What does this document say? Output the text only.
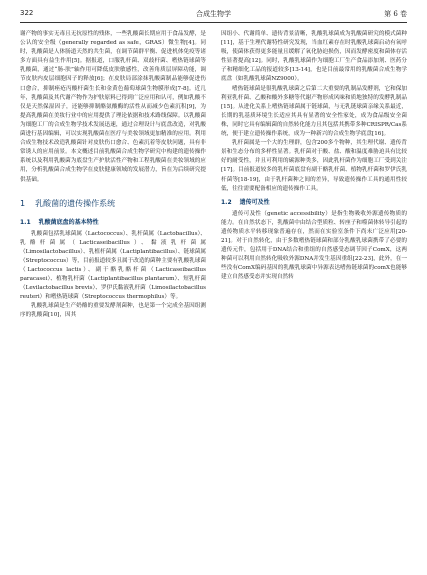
322	合成生物学	第 6 卷

谢产物的事实无毒且无抗原性的残体，一些乳酸菌长期应用于食品发酵，是公认的安全级（generally regarded as safe，GRAS）微生物[4]。同时，乳酸菌是人体肠道天然的共生菌，在调节菌群平衡、促进机体免疫等诸多方面具有益生作用[5]。据报道，口服乳杆菌、双歧杆菌、嗜热链球菌等乳酸菌，通过“肠-肤”轴作用可降低皮肤敏感性，改善角质层屏障功能，调节皮肤内皮层细胞因子的释放[6]；在皮肤局部涂抹乳酸菌制品能够促进伤口愈合，抑制痤疮丙酸杆菌生长和金黄色葡萄球菌生物膜形成[7-8]。近几年，乳酸菌及其代谢产物作为护肤原料已得到广泛应用和认可，例如乳酸不仅是天然保湿因子，还能够抑制酪氨酸酶的活性从而减少色素沉积[9]，为提高乳酸菌在美妆行业中的应用提供了理论依据和技术路线保障。以乳酸菌为细胞工厂的合成生物学技术发展迅速，通过合理设计与底盘改造，对乳酸菌进行基因编辑，可以实现乳酸菌在医疗与美妆领域更加精准的应用。利用合成生物技术改造乳酸菌针对皮肤伤口愈合、色素沉着等皮肤问题，具有非常诱人的应用前景。本文概述目前乳酸菌合成生物学研究中构建的遗传操作系统以及利用乳酸菌为底盘生产护肤活性产物和工程乳酸菌在美妆领域的应用，分析乳酸菌合成生物学在皮肤健康领域的发展潜力，旨在为后续研究提供基础。

1 乳酸菌的遗传操作系统
1.1 乳酸菌底盘的基本特性

乳酸菌包括乳球菌属（Lactococcus）、乳杆菌属（Lactobacillus）、乳酪杆菌属（Lacticaseibacillus）、黏液乳杆菌属（Limosilactobacillus）、乳植杆菌属（Lactiplantibacillus）、链球菌属（Streptococcus）等，目前报道较多且属于改造的菌种主要有乳酸乳球菌（Lactococcus lactis）、副干酪乳酪杆菌（Lacticaseibacillus paracasei）、植物乳杆菌（Lactiplantibacillus plantarum）、短乳杆菌（Levilactobacillus brevis）、罗伊氏黏液乳杆菌（Limosilactobacillus reuteri）和嗜热链球菌（Streptococcus thermophilus）等。

乳酸乳球菌是生产奶酪的重要发酵剂菌种，也是第一个完成全基因组测序的乳酸菌[10]，因其

因组小、代谢简单、遗传背景清晰，乳酸乳球菌成为乳酸菌研究的模式菌种[11]，基于生理代谢特性研究发现，当血红素存在时乳酸乳球菌启动有氧呼吸，使菌体获得更多能量且缓解了氧化胁迫损伤，因而发酵密度和菌体存活性显著提高[12]。同时，乳酸乳球菌作为细胞工厂生产食品添加剂、医药分子和精细化工品的报道较多[13-14]，也是目前最常用的乳酸菌合成生物学底盘（如乳酸乳球菌NZ9000）。

嗜热链球菌是很乳酸乳球菌之后第二大重要的乳制品发酵剂，它和保加利亚乳杆菌、乙酸和酸外多糖等代谢产物形成风味和质地独特的发酵乳制品[15]。从进化关系上嗜热链球菌属于链球菌，与无乳链球菌亲缘关系最近，长期的乳基质环境生长适应其具有显著的安全性家处，成为食品级安全菌株，同时它具有编辑菌的自然转化能力且其包括其携带多种CRISPR/Cas系统，便于建立遗传操作系统，成为一种新兴的合成生物学底盘[16]。

乳杆菌属是一个大的生理群，包含200多个物种，其生理代谢、遗传背景和生态分布的多样性显著。乳杆菌对于酸、盐、酸和温度难胁迫具有比较好的耐受性，并且可利用的碳源种类多，因此乳杆菌作为细胞工厂受到关注[17]。目前报道较多的乳杆菌底盘有副干酪乳杆菌、植物乳杆菌和罗伊氏乳杆菌等[18-19]，由于乳杆菌种之间的差异，导致遗传操作工具的通用性较低，往往需要配备相应的遗传操作工具。

1.2 遗传可及性

遗传可及性（genetic accessibility）是指生物吸收外源遗传物质的能力。在自然状态下，乳酸菌中由结合型质粒、转座子和噬菌体转导引起的遗传物质水平转移现象普遍存在，然而在实验室条件下尚未广泛应用[20-21]。对于自然转化，由于多数嗜热链球菌和部分乳酸乳球菌携带了必要的遗传元件，包括用于DNA结合和重组的自然感受态调节因子ComX，这两种菌可以利用自然转化吸收外源DNA并发生基因重组[22-23]，此外，在一些没有ComX编码基因的乳酸乳球菌中异源表达嗜热链球菌的comX也能够建立自然感受态并实现自然转
